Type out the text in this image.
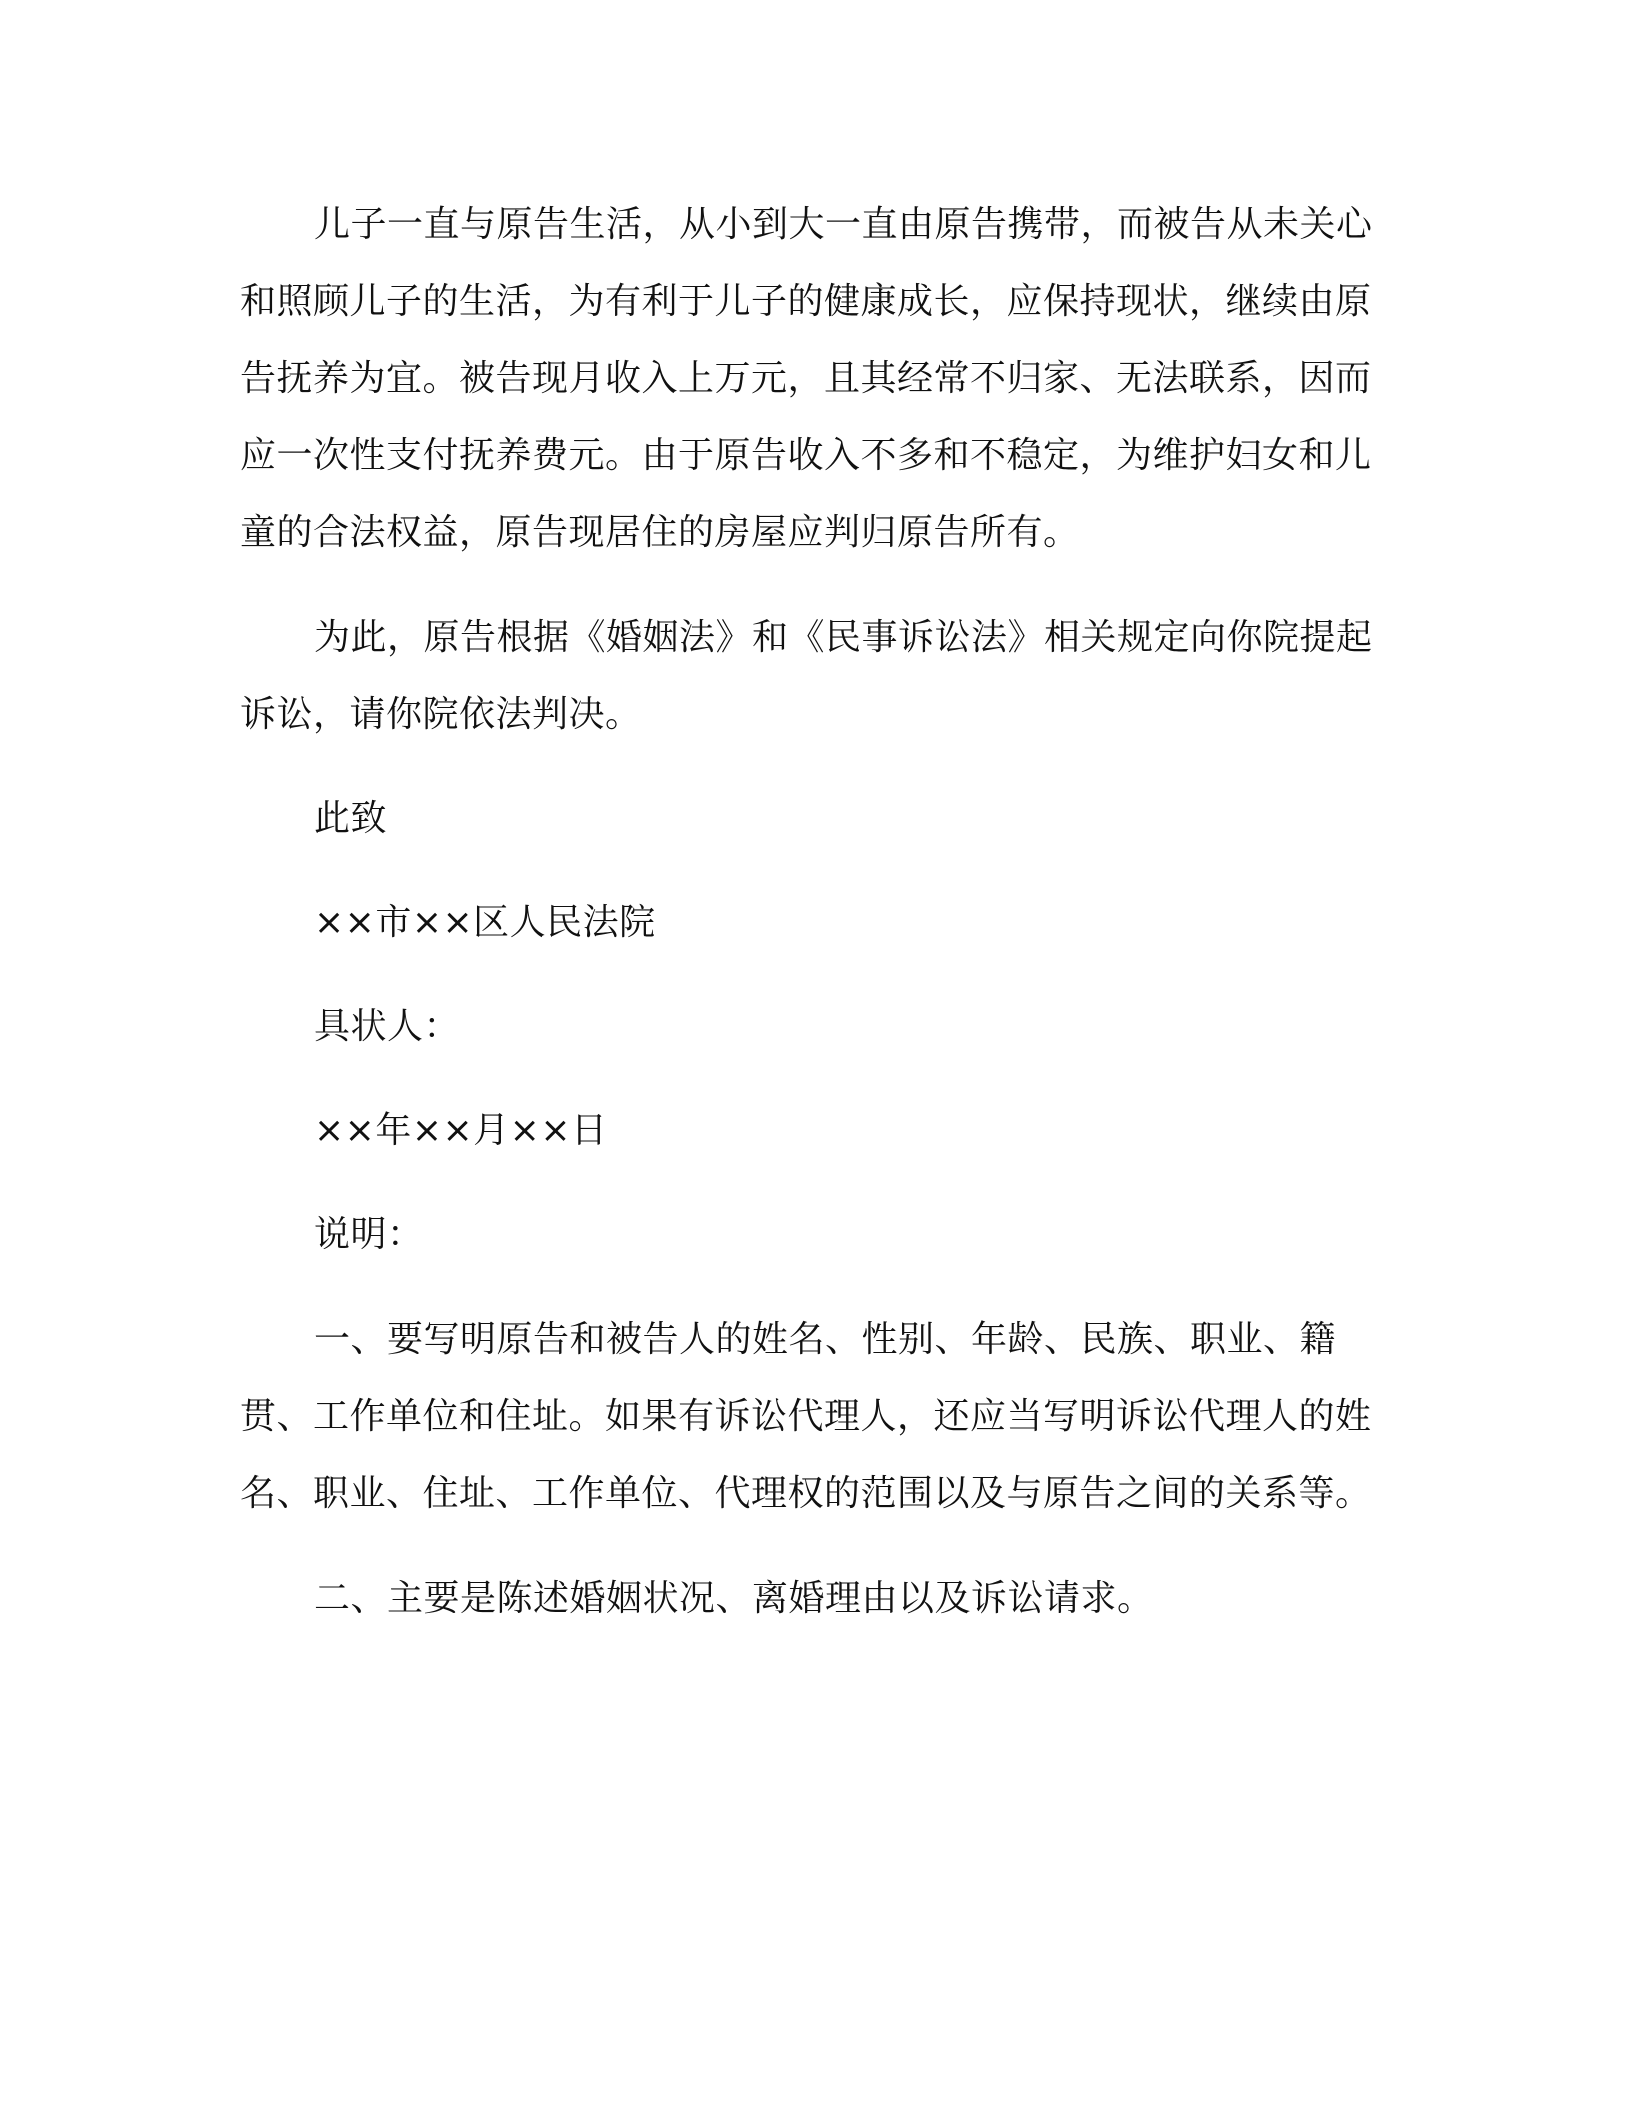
儿子一直与原告生活，从小到大一直由原告携带，而被告从未关心和照顾儿子的生活，为有利于儿子的健康成长，应保持现状，继续由原告抚养为宜。被告现月收入上万元，且其经常不归家、无法联系，因而应一次性支付抚养费元。由于原告收入不多和不稳定，为维护妇女和儿童的合法权益，原告现居住的房屋应判归原告所有。

为此，原告根据《婚姻法》和《民事诉讼法》相关规定向你院提起诉讼，请你院依法判决。

此致

××市××区人民法院

具状人：

××年××月××日

说明：

一、要写明原告和被告人的姓名、性别、年龄、民族、职业、籍贯、工作单位和住址。如果有诉讼代理人，还应当写明诉讼代理人的姓名、职业、住址、工作单位、代理权的范围以及与原告之间的关系等。

二、主要是陈述婚姻状况、离婚理由以及诉讼请求。
